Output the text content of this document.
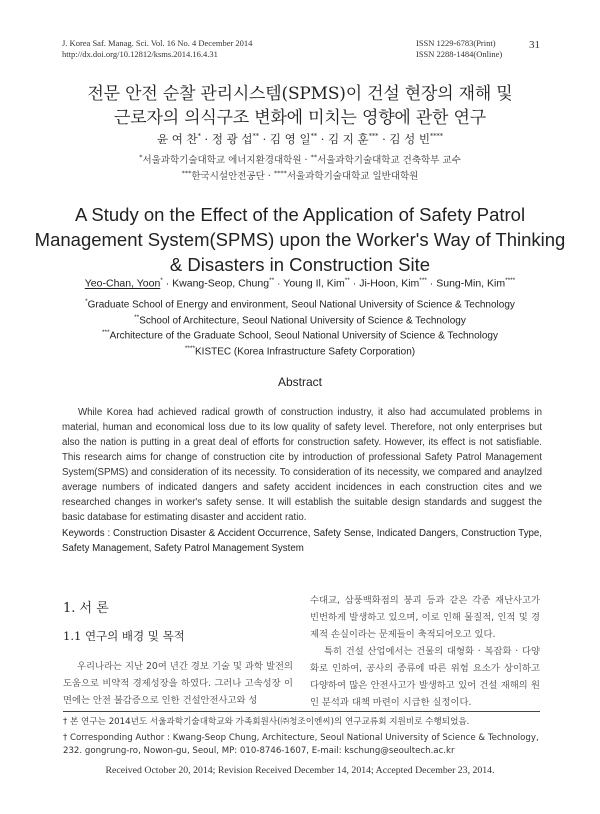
J. Korea Saf. Manag. Sci. Vol. 16 No. 4 December 2014
http://dx.doi.org/10.12812/ksms.2014.16.4.31
ISSN 1229-6783(Print)
ISSN 2288-1484(Online)
31
전문 안전 순찰 관리시스템(SPMS)이 건설 현장의 재해 및
근로자의 의식구조 변화에 미치는 영향에 관한 연구
윤 여 찬* · 정 광 섭** · 김 영 일** · 김 지 훈*** · 김 성 빈****
*서울과학기술대학교 에너지환경대학원 · **서울과학기술대학교 건축학부 교수
***한국시설안전공단 · ****서울과학기술대학교 일반대학원
A Study on the Effect of the Application of Safety Patrol
Management System(SPMS) upon the Worker's Way of Thinking
& Disasters in Construction Site
Yeo-Chan, Yoon* · Kwang-Seop, Chung** · Young Il, Kim** · Ji-Hoon, Kim*** · Sung-Min, Kim****
*Graduate School of Energy and environment, Seoul National University of Science & Technology
**School of Architecture, Seoul National University of Science & Technology
***Architecture of the Graduate School, Seoul National University of Science & Technology
****KISTEC (Korea Infrastructure Safety Corporation)
Abstract
While Korea had achieved radical growth of construction industry, it also had accumulated problems in material, human and economical loss due to its low quality of safety level. Therefore, not only enterprises but also the nation is putting in a great deal of efforts for construction safety. However, its effect is not satisfiable. This research aims for change of construction cite by introduction of professional Safety Patrol Management System(SPMS) and consideration of its necessity. To consideration of its necessity, we compared and anaylzed average numbers of indicated dangers and safety accident incidences in each construction cites and we researched changes in worker's safety sense. It will establish the suitable design standards and suggest the basic database for estimating disaster and accident ratio.
Keywords : Construction Disaster & Accident Occurrence, Safety Sense, Indicated Dangers, Construction Type, Safety Management, Safety Patrol Management System
1. 서 론
1.1 연구의 배경 및 목적
우리나라는 지난 20여 년간 경보 기술 및 과학 발전의 도움으로 비약적 경제성장을 하였다. 그러나 고속성장 이면에는 안전 불감증으로 인한 건설안전사고와 성
수대교, 삼풍백화점의 붕괴 등과 같은 각종 재난사고가 빈번하게 발생하고 있으며, 이로 인해 물질적, 인적 및 경제적 손실이라는 문제들이 축적되어오고 있다.
특히 건설 산업에서는 건물의 대형화 · 복잡화 · 다양화로 인하여, 공사의 종류에 따른 위험 요소가 상이하고 다양하여 많은 안전사고가 발생하고 있어 건설 재해의 원인 분석과 대책 마련이 시급한 실정이다.
† 본 연구는 2014년도 서울과학기술대학교와 가족회원사(㈜청조이엔씨)의 연구교류회 지원비로 수행되었음.
† Corresponding Author : Kwang-Seop Chung, Architecture, Seoul National University of Science & Technology, 232. gongrung-ro, Nowon-gu, Seoul, MP: 010-8746-1607, E-mail: kschung@seoultech.ac.kr
Received October 20, 2014; Revision Received December 14, 2014; Accepted December 23, 2014.
